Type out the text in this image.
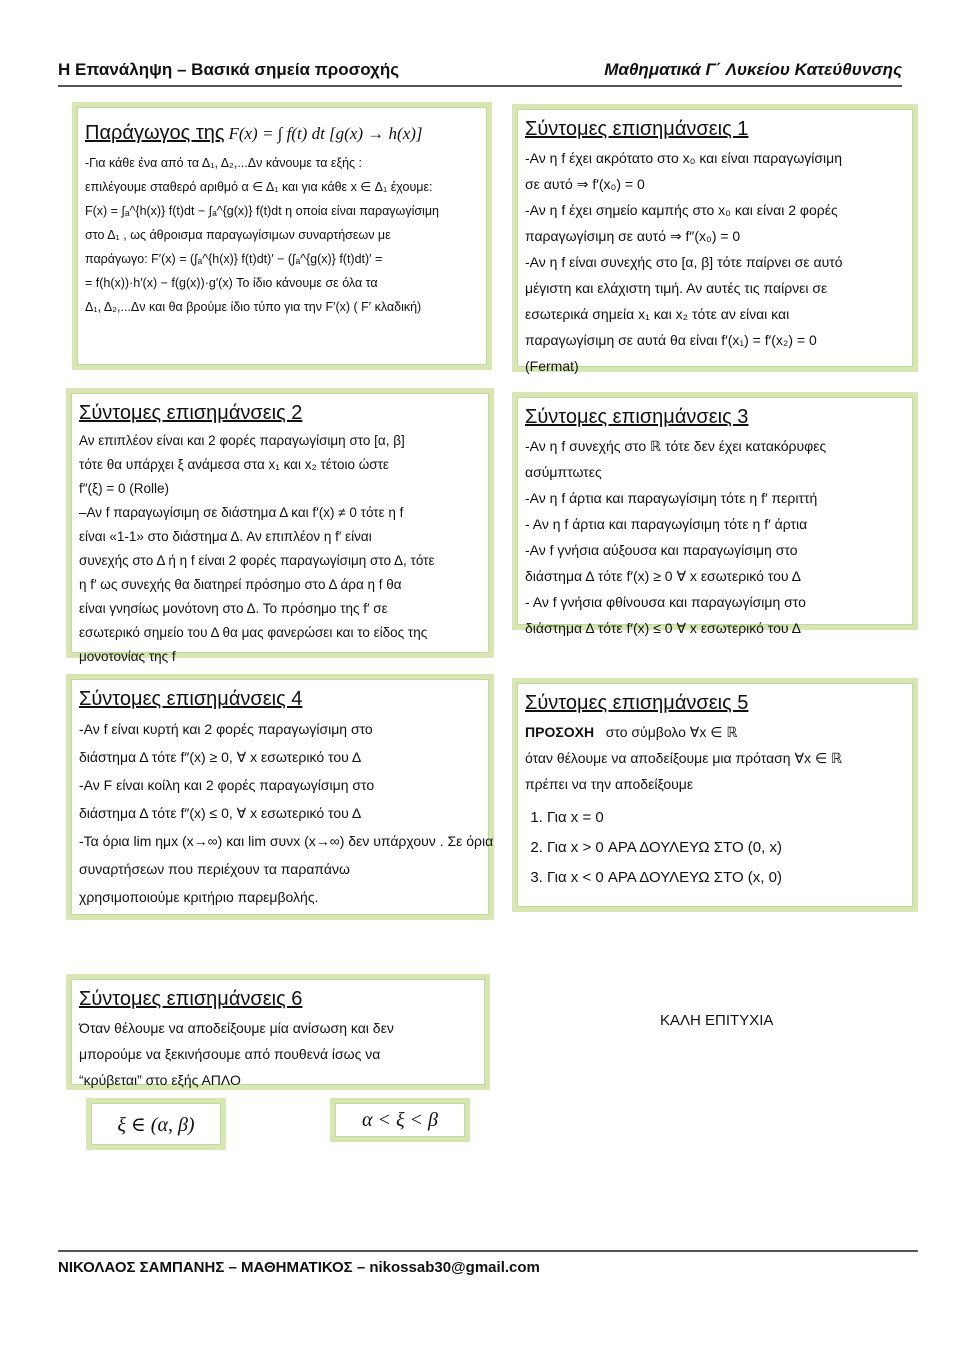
Η Επανάληψη – Βασικά σημεία προσοχής	Μαθηματικά Γ΄ Λυκείου Κατεύθυνσης
Παράγωγος της F(x) = ∫ f(t) dt [g(x) → h(x)]
-Για κάθε ένα από τα Δ₁, Δ₂,...Δν κάνουμε τα εξής :
επιλέγουμε σταθερό αριθμό α ∈ Δ₁ και για κάθε x ∈ Δ₁ έχουμε:
F(x) = ∫ₐ^{h(x)} f(t)dt − ∫ₐ^{g(x)} f(t)dt η οποία είναι παραγωγίσιμη
στο Δ₁ , ως άθροισμα παραγωγίσιμων συναρτήσεων με
παράγωγο: F′(x) = (∫ₐ^{h(x)} f(t)dt)′ − (∫ₐ^{g(x)} f(t)dt)′ =
= f(h(x))·h′(x) − f(g(x))·g′(x) Το ίδιο κάνουμε σε όλα τα
Δ₁, Δ₂,...Δν και θα βρούμε ίδιο τύπο για την F′(x) ( F′ κλαδική)
Σύντομες επισημάνσεις 1
-Αν η f έχει ακρότατο στο x₀ και είναι παραγωγίσιμη
σε αυτό ⇒ f′(x₀) = 0
-Αν η f έχει σημείο καμπής στο x₀ και είναι 2 φορές
παραγωγίσιμη σε αυτό ⇒ f″(x₀) = 0
-Αν η f είναι συνεχής στο [α, β] τότε παίρνει σε αυτό
μέγιστη και ελάχιστη τιμή. Αν αυτές τις παίρνει σε
εσωτερικά σημεία x₁ και x₂ τότε αν είναι και
παραγωγίσιμη σε αυτά θα είναι f′(x₁) = f′(x₂) = 0
(Fermat)
Σύντομες επισημάνσεις 2
Αν επιπλέον είναι και 2 φορές παραγωγίσιμη στο [α, β]
τότε θα υπάρχει ξ ανάμεσα στα x₁ και x₂ τέτοιο ώστε
f″(ξ) = 0 (Rolle)
–Αν f παραγωγίσιμη σε διάστημα Δ και f′(x) ≠ 0 τότε η f
είναι «1-1» στο διάστημα Δ. Αν επιπλέον η f′ είναι
συνεχής στο Δ ή η f είναι 2 φορές παραγωγίσιμη στο Δ, τότε
η f′ ως συνεχής θα διατηρεί πρόσημο στο Δ άρα η f θα
είναι γνησίως μονότονη στο Δ. Το πρόσημο της f′ σε
εσωτερικό σημείο του Δ θα μας φανερώσει και το είδος της
μονοτονίας της f
Σύντομες επισημάνσεις 3
-Αν η f συνεχής στο ℝ τότε δεν έχει κατακόρυφες
ασύμπτωτες
-Αν η f άρτια και παραγωγίσιμη τότε η f′ περιττή
- Αν η f άρτια και παραγωγίσιμη τότε η f′ άρτια
-Αν f γνήσια αύξουσα και παραγωγίσιμη στο
διάστημα Δ τότε f′(x) ≥ 0 ∀ x εσωτερικό του Δ
- Αν f γνήσια φθίνουσα και παραγωγίσιμη στο
διάστημα Δ τότε f′(x) ≤ 0 ∀ x εσωτερικό του Δ
Σύντομες επισημάνσεις 4
-Αν f είναι κυρτή και 2 φορές παραγωγίσιμη στο
διάστημα Δ τότε f″(x) ≥ 0, ∀ x εσωτερικό του Δ
-Αν F είναι κοίλη και 2 φορές παραγωγίσιμη στο
διάστημα Δ τότε f″(x) ≤ 0, ∀ x εσωτερικό του Δ
-Τα όρια lim ημx (x→∞) και lim συνx (x→∞) δεν υπάρχουν . Σε όρια
συναρτήσεων που περιέχουν τα παραπάνω
χρησιμοποιούμε κριτήριο παρεμβολής.
Σύντομες επισημάνσεις 5
ΠΡΟΣΟΧΗ στο σύμβολο ∀x ∈ ℝ
όταν θέλουμε να αποδείξουμε μια πρόταση ∀x ∈ ℝ
πρέπει να την αποδείξουμε
1. Για x = 0
2. Για x > 0 ΑΡΑ ΔΟΥΛΕΥΩ ΣΤΟ (0, x)
3. Για x < 0 ΑΡΑ ΔΟΥΛΕΥΩ ΣΤΟ (x, 0)
Σύντομες επισημάνσεις 6
Όταν θέλουμε να αποδείξουμε μία ανίσωση και δεν
μπορούμε να ξεκινήσουμε από πουθενά ίσως να
“κρύβεται” στο εξής ΑΠΛΟ
ξ ∈ (α, β)	α < ξ < β
ΚΑΛΗ ΕΠΙΤΥΧΙΑ
ΝΙΚΟΛΑΟΣ ΣΑΜΠΑΝΗΣ – ΜΑΘΗΜΑΤΙΚΟΣ – nikossab30@gmail.com
